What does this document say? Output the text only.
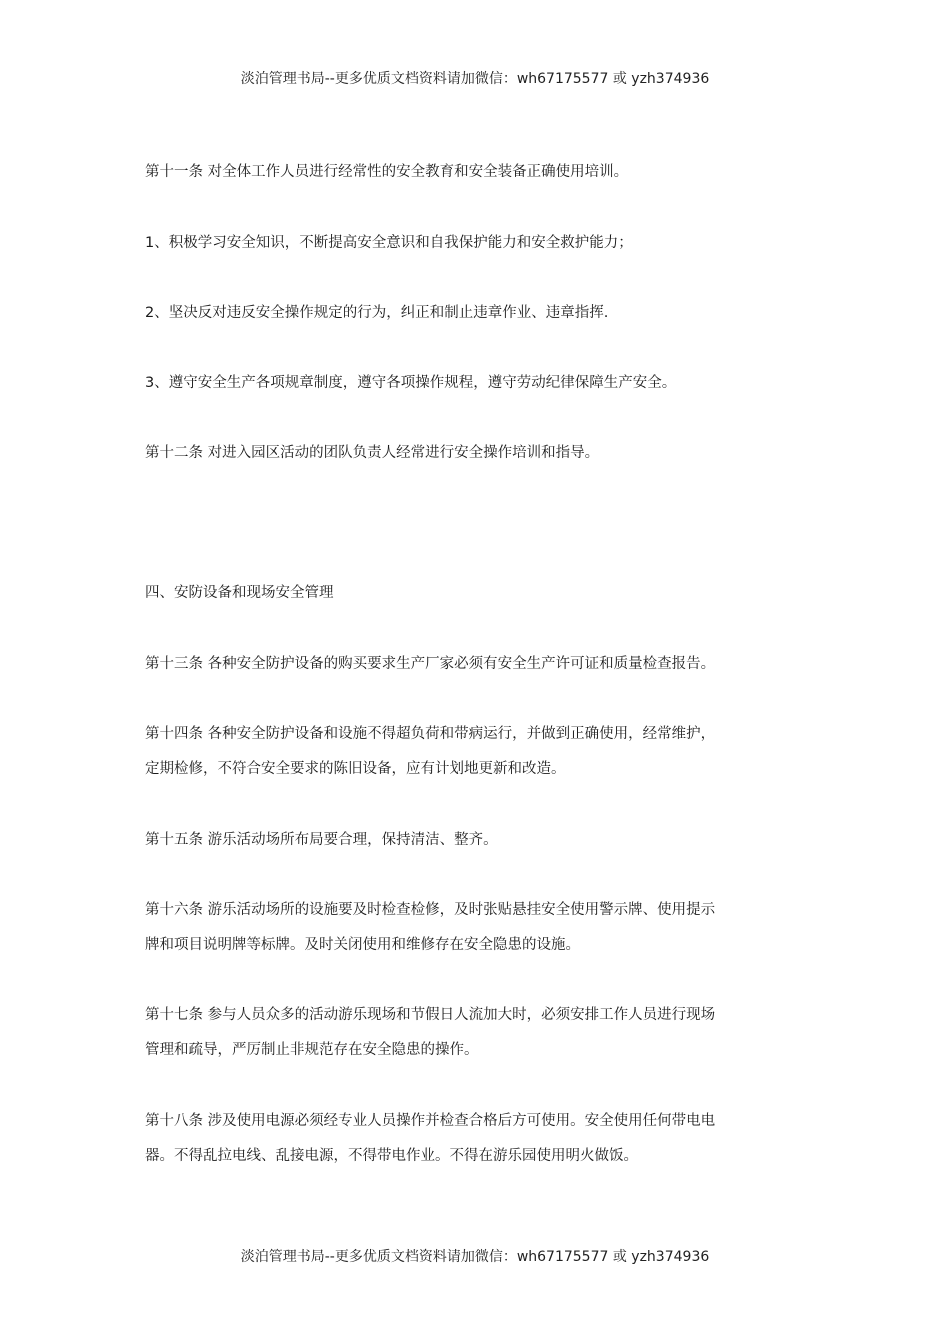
淡泊管理书局--更多优质文档资料请加微信：wh67175577 或 yzh374936
第十一条 对全体工作人员进行经常性的安全教育和安全装备正确使用培训。
1、积极学习安全知识，不断提高安全意识和自我保护能力和安全救护能力；
2、坚决反对违反安全操作规定的行为，纠正和制止违章作业、违章指挥.
3、遵守安全生产各项规章制度，遵守各项操作规程，遵守劳动纪律保障生产安全。
第十二条 对进入园区活动的团队负责人经常进行安全操作培训和指导。
四、安防设备和现场安全管理
第十三条 各种安全防护设备的购买要求生产厂家必须有安全生产许可证和质量检查报告。
第十四条 各种安全防护设备和设施不得超负荷和带病运行，并做到正确使用，经常维护，
定期检修，不符合安全要求的陈旧设备，应有计划地更新和改造。
第十五条 游乐活动场所布局要合理，保持清洁、整齐。
第十六条 游乐活动场所的设施要及时检查检修，及时张贴悬挂安全使用警示牌、使用提示
牌和项目说明牌等标牌。及时关闭使用和维修存在安全隐患的设施。
第十七条 参与人员众多的活动游乐现场和节假日人流加大时，必须安排工作人员进行现场
管理和疏导，严厉制止非规范存在安全隐患的操作。
第十八条 涉及使用电源必须经专业人员操作并检查合格后方可使用。安全使用任何带电电
器。不得乱拉电线、乱接电源，不得带电作业。不得在游乐园使用明火做饭。
淡泊管理书局--更多优质文档资料请加微信：wh67175577 或 yzh374936
